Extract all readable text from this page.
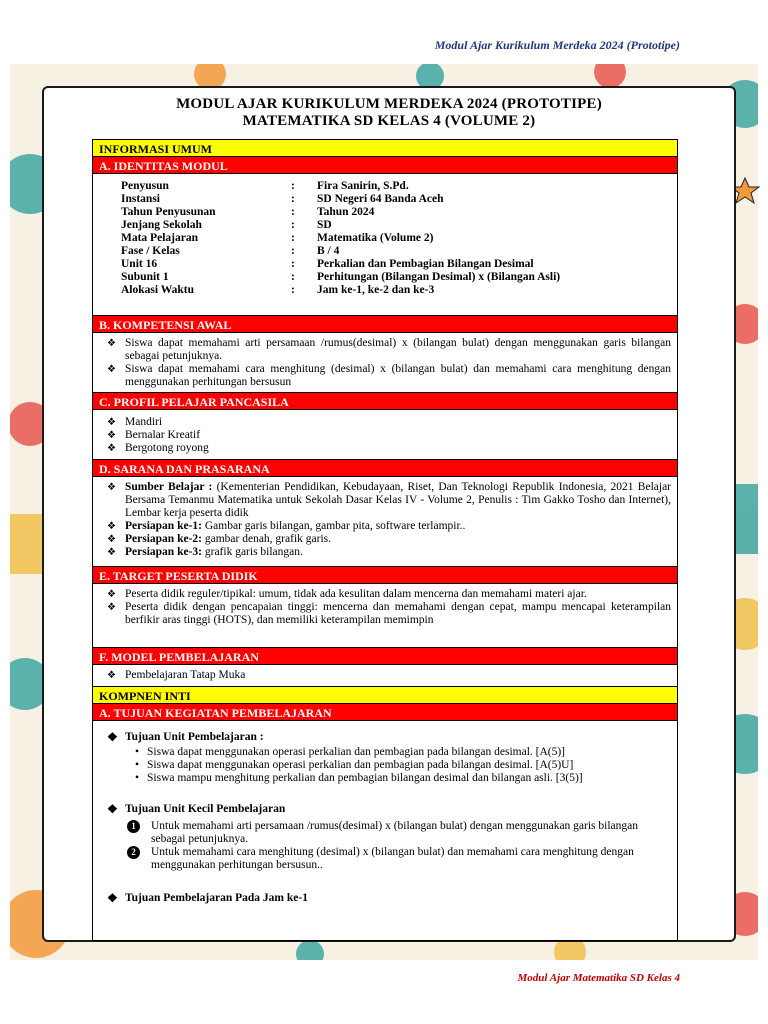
Modul Ajar Kurikulum Merdeka 2024 (Prototipe)
MODUL AJAR KURIKULUM MERDEKA 2024 (PROTOTIPE)
MATEMATIKA SD KELAS 4 (VOLUME 2)
INFORMASI UMUM
A. IDENTITAS MODUL
Penyusun	:	Fira Sanirin, S.Pd.
Instansi	:	SD Negeri 64 Banda Aceh
Tahun Penyusunan	:	Tahun 2024
Jenjang Sekolah	:	SD
Mata Pelajaran	:	Matematika (Volume 2)
Fase / Kelas	:	B / 4
Unit 16	:	Perkalian dan Pembagian Bilangan Desimal
Subunit 1	:	Perhitungan (Bilangan Desimal) x (Bilangan Asli)
Alokasi Waktu	:	Jam ke-1, ke-2 dan ke-3
B. KOMPETENSI AWAL
❖ Siswa dapat memahami arti persamaan /rumus(desimal) x (bilangan bulat) dengan menggunakan garis bilangan sebagai petunjuknya.
❖ Siswa dapat memahami cara menghitung (desimal) x (bilangan bulat) dan memahami cara menghitung dengan menggunakan perhitungan bersusun
C. PROFIL PELAJAR PANCASILA
❖ Mandiri
❖ Bernalar Kreatif
❖ Bergotong royong
D. SARANA DAN PRASARANA
❖ Sumber Belajar : (Kementerian Pendidikan, Kebudayaan, Riset, Dan Teknologi Republik Indonesia, 2021 Belajar Bersama Temanmu Matematika untuk Sekolah Dasar Kelas IV - Volume 2, Penulis : Tim Gakko Tosho dan Internet), Lembar kerja peserta didik
❖ Persiapan ke-1: Gambar garis bilangan, gambar pita, software terlampir..
❖ Persiapan ke-2: gambar denah, grafik garis.
❖ Persiapan ke-3: grafik garis bilangan.
E. TARGET PESERTA DIDIK
❖ Peserta didik reguler/tipikal: umum, tidak ada kesulitan dalam mencerna dan memahami materi ajar.
❖ Peserta didik dengan pencapaian tinggi: mencerna dan memahami dengan cepat, mampu mencapai keterampilan berfikir aras tinggi (HOTS), dan memiliki keterampilan memimpin
F. MODEL PEMBELAJARAN
❖ Pembelajaran Tatap Muka
KOMPNEN INTI
A. TUJUAN KEGIATAN PEMBELAJARAN
❖ Tujuan Unit Pembelajaran :
• Siswa dapat menggunakan operasi perkalian dan pembagian pada bilangan desimal. [A(5)]
• Siswa dapat menggunakan operasi perkalian dan pembagian pada bilangan desimal. [A(5)U]
• Siswa mampu menghitung perkalian dan pembagian bilangan desimal dan bilangan asli. [3(5)]
❖ Tujuan Unit Kecil Pembelajaran
1	Untuk memahami arti persamaan /rumus(desimal) x (bilangan bulat) dengan menggunakan garis bilangan sebagai petunjuknya.
2	Untuk memahami cara menghitung (desimal) x (bilangan bulat) dan memahami cara menghitung dengan menggunakan perhitungan bersusun..
❖ Tujuan Pembelajaran Pada Jam ke-1
Modul Ajar Matematika SD Kelas 4
